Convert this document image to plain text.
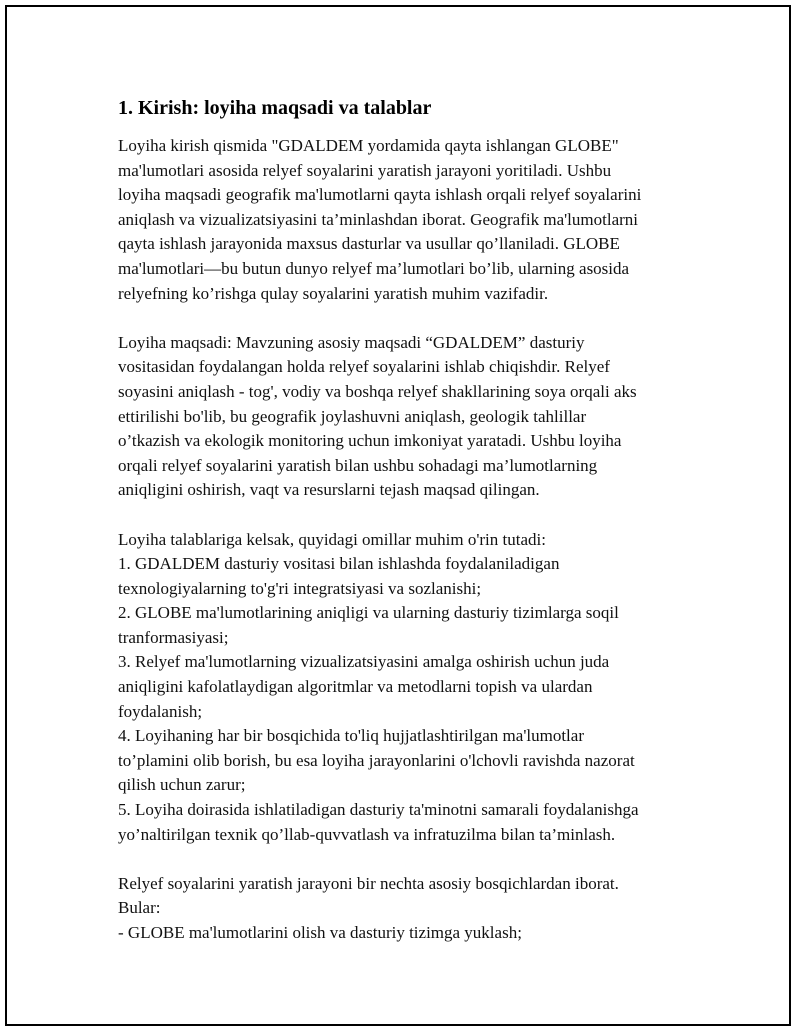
1. Kirish: loyiha maqsadi va talablar
Loyiha kirish qismida "GDALDEM yordamida qayta ishlangan GLOBE"
ma'lumotlari asosida relyef soyalarini yaratish jarayoni yoritiladi. Ushbu
loyiha maqsadi geografik ma'lumotlarni qayta ishlash orqali relyef soyalarini
aniqlash va vizualizatsiyasini ta’minlashdan iborat. Geografik ma'lumotlarni
qayta ishlash jarayonida maxsus dasturlar va usullar qo’llaniladi. GLOBE
ma'lumotlari—bu butun dunyo relyef ma’lumotlari bo’lib, ularning asosida
relyefning ko’rishga qulay soyalarini yaratish muhim vazifadir.
Loyiha maqsadi: Mavzuning asosiy maqsadi “GDALDEM” dasturiy
vositasidan foydalangan holda relyef soyalarini ishlab chiqishdir. Relyef
soyasini aniqlash - tog', vodiy va boshqa relyef shakllarining soya orqali aks
ettirilishi bo'lib, bu geografik joylashuvni aniqlash, geologik tahlillar
o’tkazish va ekologik monitoring uchun imkoniyat yaratadi. Ushbu loyiha
orqali relyef soyalarini yaratish bilan ushbu sohadagi ma’lumotlarning
aniqligini oshirish, vaqt va resurslarni tejash maqsad qilingan.
Loyiha talablariga kelsak, quyidagi omillar muhim o'rin tutadi:
1. GDALDEM dasturiy vositasi bilan ishlashda foydalaniladigan
texnologiyalarning to'g'ri integratsiyasi va sozlanishi;
2. GLOBE ma'lumotlarining aniqligi va ularning dasturiy tizimlarga soqil
tranformasiyasi;
3. Relyef ma'lumotlarning vizualizatsiyasini amalga oshirish uchun juda
aniqligini kafolatlaydigan algoritmlar va metodlarni topish va ulardan
foydalanish;
4. Loyihaning har bir bosqichida to'liq hujjatlashtirilgan ma'lumotlar
to’plamini olib borish, bu esa loyiha jarayonlarini o'lchovli ravishda nazorat
qilish uchun zarur;
5. Loyiha doirasida ishlatiladigan dasturiy ta'minotni samarali foydalanishga
yo’naltirilgan texnik qo’llab-quvvatlash va infratuzilma bilan ta’minlash.
Relyef soyalarini yaratish jarayoni bir nechta asosiy bosqichlardan iborat.
Bular:
- GLOBE ma'lumotlarini olish va dasturiy tizimga yuklash;
